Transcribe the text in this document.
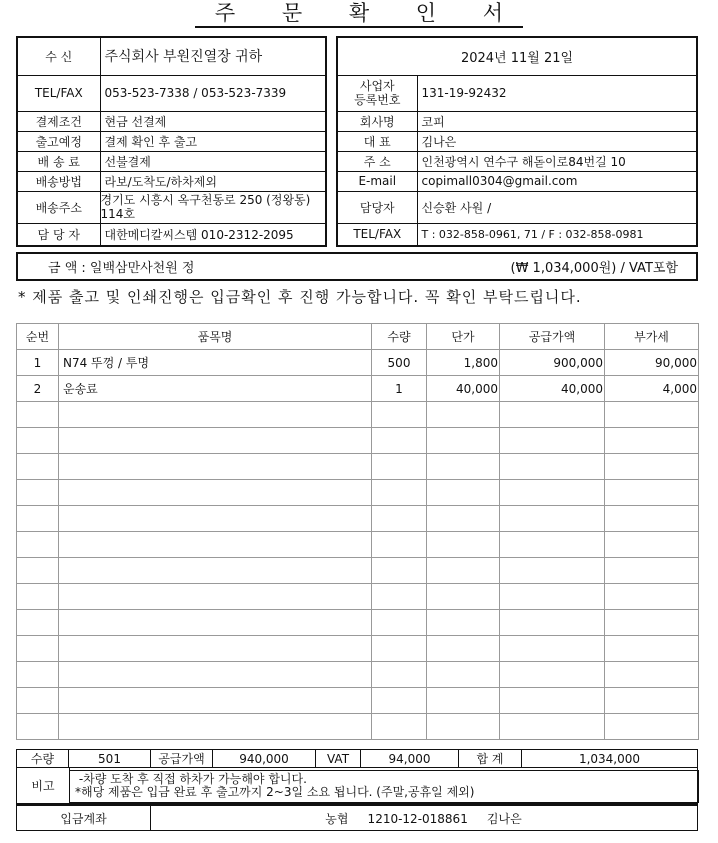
주 문 확 인 서
수 신	주식회사 부원진열장 귀하
TEL/FAX	053-523-7338 / 053-523-7339
결제조건	현금 선결제
출고예정	결제 확인 후 출고
배 송 료	선불결제
배송방법	라보/도착도/하차제외
배송주소	경기도 시흥시 옥구천동로 250 (정왕동)
114호

담 당 자	대한메디칼씨스템 010-2312-2095
2024년 11월 21일	

사업자
등록번호	131-19-92432
회사명	코피
대 표	김나은
주 소	인천광역시 연수구 해돋이로84번길 10
E-mail	copimall0304@gmail.com
담당자	신승환 사원 /
TEL/FAX	T : 032-858-0961, 71 / F : 032-858-0981
금 액 : 일백삼만사천원 정	(₩ 1,034,000원) / VAT포함
* 제품 출고 및 인쇄진행은 입금확인 후 진행 가능합니다. 꼭 확인 부탁드립니다.
순번	품목명	수량	단가	공급가액	부가세
1	N74 뚜껑 / 투명	500	1,800	900,000	90,000
2	운송료	1	40,000	40,000	4,000

수량	501	공급가액	940,000	VAT	94,000	합 계	1,034,000
비고	-차량 도착 후 직접 하차가 가능해야 합니다.
*해당 제품은 입금 완료 후 출고까지 2~3일 소요 됩니다. (주말,공휴일 제외)
입금계좌	농협     1210-12-018861     김나은
